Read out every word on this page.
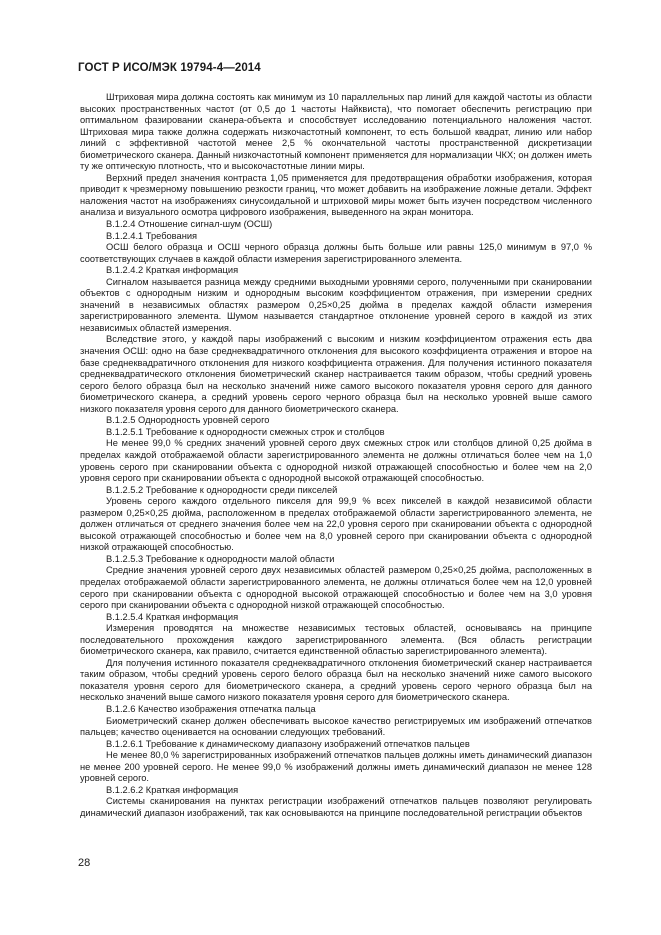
ГОСТ Р ИСО/МЭК 19794-4—2014

Штриховая мира должна состоять как минимум из 10 параллельных пар линий для каждой частоты из области высоких пространственных частот (от 0,5 до 1 частоты Найквиста), что помогает обеспечить регистрацию при оптимальном фазировании сканера-объекта и способствует исследованию потенциального наложения частот. Штриховая мира также должна содержать низкочастотный компонент, то есть большой квадрат, линию или набор линий с эффективной частотой менее 2,5 % окончательной частоты пространственной дискретизации биометрического сканера. Данный низкочастотный компонент применяется для нормализации ЧКХ; он должен иметь ту же оптическую плотность, что и высокочастотные линии миры.

Верхний предел значения контраста 1,05 применяется для предотвращения обработки изображения, которая приводит к чрезмерному повышению резкости границ, что может добавить на изображение ложные детали. Эффект наложения частот на изображениях синусоидальной и штриховой миры может быть изучен посредством численного анализа и визуального осмотра цифрового изображения, выведенного на экран монитора.

В.1.2.4 Отношение сигнал-шум (ОСШ)

В.1.2.4.1 Требования

ОСШ белого образца и ОСШ черного образца должны быть больше или равны 125,0 минимум в 97,0 % соответствующих случаев в каждой области измерения зарегистрированного элемента.

В.1.2.4.2 Краткая информация

Сигналом называется разница между средними выходными уровнями серого, полученными при сканировании объектов с однородным низким и однородным высоким коэффициентом отражения, при измерении средних значений в независимых областях размером 0,25×0,25 дюйма в пределах каждой области измерения зарегистрированного элемента. Шумом называется стандартное отклонение уровней серого в каждой из этих независимых областей измерения.

Вследствие этого, у каждой пары изображений с высоким и низким коэффициентом отражения есть два значения ОСШ: одно на базе среднеквадратичного отклонения для высокого коэффициента отражения и второе на базе среднеквадратичного отклонения для низкого коэффициента отражения. Для получения истинного показателя среднеквадратического отклонения биометрический сканер настраивается таким образом, чтобы средний уровень серого белого образца был на несколько значений ниже самого высокого показателя уровня серого для данного биометрического сканера, а средний уровень серого черного образца был на несколько уровней выше самого низкого показателя уровня серого для данного биометрического сканера.

В.1.2.5 Однородность уровней серого

В.1.2.5.1 Требование к однородности смежных строк и столбцов

Не менее 99,0 % средних значений уровней серого двух смежных строк или столбцов длиной 0,25 дюйма в пределах каждой отображаемой области зарегистрированного элемента не должны отличаться более чем на 1,0 уровень серого при сканировании объекта с однородной низкой отражающей способностью и более чем на 2,0 уровня серого при сканировании объекта с однородной высокой отражающей способностью.

В.1.2.5.2 Требование к однородности среди пикселей

Уровень серого каждого отдельного пикселя для 99,9 % всех пикселей в каждой независимой области размером 0,25×0,25 дюйма, расположенном в пределах отображаемой области зарегистрированного элемента, не должен отличаться от среднего значения более чем на 22,0 уровня серого при сканировании объекта с однородной высокой отражающей способностью и более чем на 8,0 уровней серого при сканировании объекта с однородной низкой отражающей способностью.

В.1.2.5.3 Требование к однородности малой области

Средние значения уровней серого двух независимых областей размером 0,25×0,25 дюйма, расположенных в пределах отображаемой области зарегистрированного элемента, не должны отличаться более чем на 12,0 уровней серого при сканировании объекта с однородной высокой отражающей способностью и более чем на 3,0 уровня серого при сканировании объекта с однородной низкой отражающей способностью.

В.1.2.5.4 Краткая информация

Измерения проводятся на множестве независимых тестовых областей, основываясь на принципе последовательного прохождения каждого зарегистрированного элемента. (Вся область регистрации биометрического сканера, как правило, считается единственной областью зарегистрированного элемента).

Для получения истинного показателя среднеквадратичного отклонения биометрический сканер настраивается таким образом, чтобы средний уровень серого белого образца был на несколько значений ниже самого высокого показателя уровня серого для биометрического сканера, а средний уровень серого черного образца был на несколько значений выше самого низкого показателя уровня серого для биометрического сканера.

В.1.2.6 Качество изображения отпечатка пальца

Биометрический сканер должен обеспечивать высокое качество регистрируемых им изображений отпечатков пальцев; качество оценивается на основании следующих требований.

В.1.2.6.1 Требование к динамическому диапазону изображений отпечатков пальцев

Не менее 80,0 % зарегистрированных изображений отпечатков пальцев должны иметь динамический диапазон не менее 200 уровней серого. Не менее 99,0 % изображений должны иметь динамический диапазон не менее 128 уровней серого.

В.1.2.6.2 Краткая информация

Системы сканирования на пунктах регистрации изображений отпечатков пальцев позволяют регулировать динамический диапазон изображений, так как основываются на принципе последовательной регистрации объектов

28
